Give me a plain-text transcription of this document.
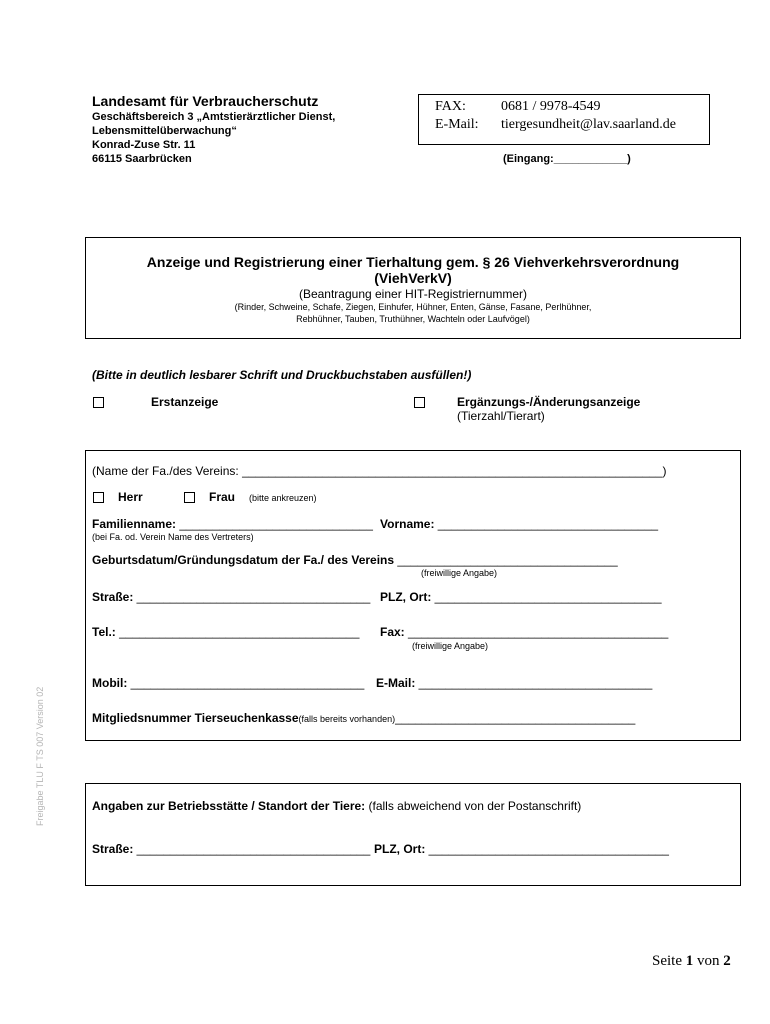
Landesamt für Verbraucherschutz
Geschäftsbereich 3 „Amtstierärztlicher Dienst,
Lebensmittelüberwachung“
Konrad-Zuse Str. 11
66115 Saarbrücken
FAX:	0681 / 9978-4549
E-Mail: tiergesundheit@lav.saarland.de
(Eingang:____________)
Anzeige und Registrierung einer Tierhaltung gem. § 26 Viehverkehrsverordnung
(ViehVerkV)
(Beantragung einer HIT-Registriernummer)
(Rinder, Schweine, Schafe, Ziegen, Einhufer, Hühner, Enten, Gänse, Fasane, Perlhühner,
Rebhühner, Tauben, Truthühner, Wachteln oder Laufvögel)
(Bitte in deutlich lesbarer Schrift und Druckbuchstaben ausfüllen!)
Erstanzeige	Ergänzungs-/Änderungsanzeige
(Tierzahl/Tierart)
(Name der Fa./des Vereins: _______________________________________________________________)
Herr	Frau (bitte ankreuzen)
Familienname: _____________________________ Vorname: _________________________________
(bei Fa. od. Verein Name des Vertreters)
Geburtsdatum/Gründungsdatum der Fa./ des Vereins _________________________________
(freiwillige Angabe)
Straße: ___________________________________ PLZ, Ort: __________________________________
Tel.: ____________________________________ Fax: _______________________________________
(freiwillige Angabe)
Mobil: ___________________________________ E-Mail: ___________________________________
Mitgliedsnummer Tierseuchenkasse(falls bereits vorhanden)____________________________________
Freigabe TLU F TS 007 Version 02	Angaben zur Betriebsstätte / Standort der Tiere: (falls abweichend von der Postanschrift)
Straße: ___________________________________ PLZ, Ort: ____________________________________
Seite 1 von 2
